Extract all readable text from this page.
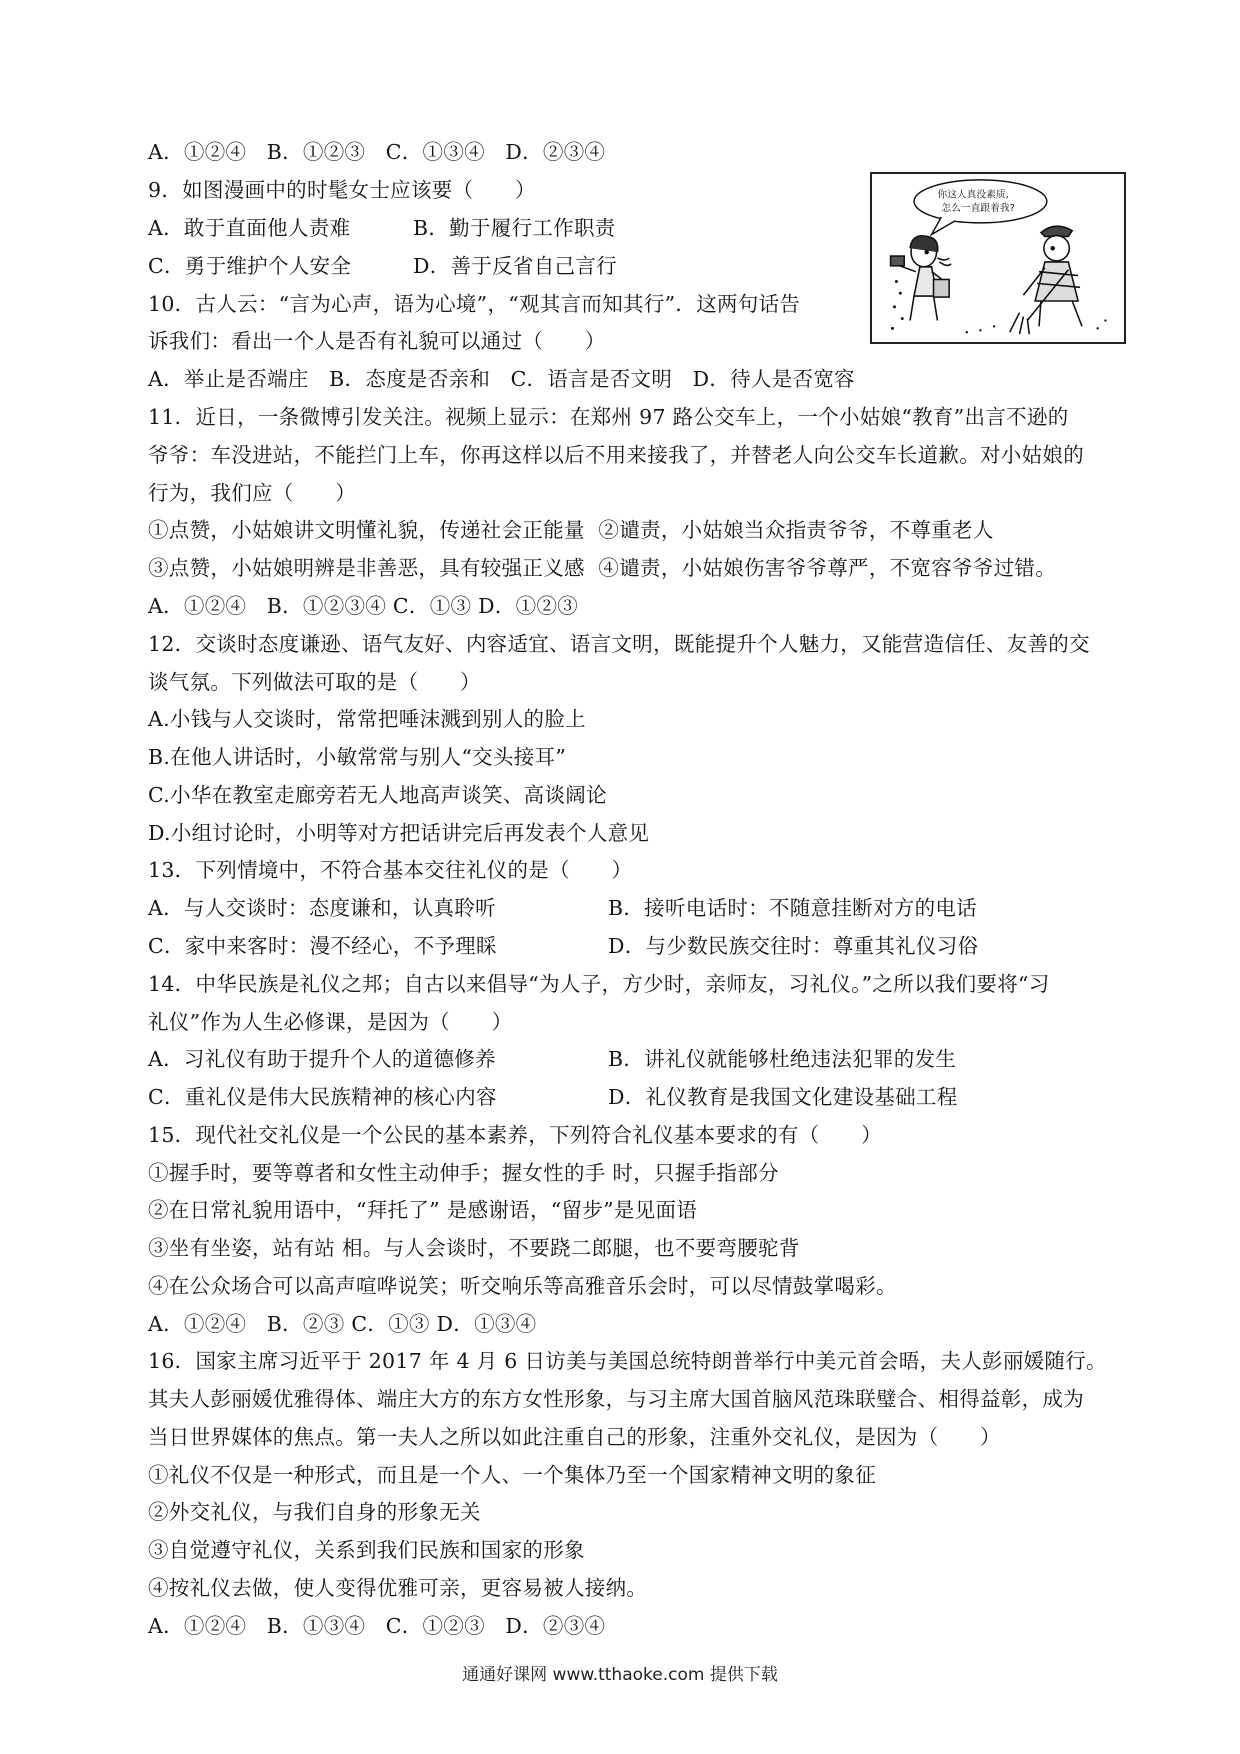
A．①②④   B．①②③   C．①③④   D．②③④
9．如图漫画中的时髦女士应该要（　　）
A．敢于直面他人责难	B．勤于履行工作职责
C．勇于维护个人安全	D．善于反省自己言行
你这人真没素质,
怎么一直跟着我?
10．古人云：“言为心声，语为心境”，“观其言而知其行”．这两句话告
诉我们：看出一个人是否有礼貌可以通过（　　）
A．举止是否端庄   B．态度是否亲和   C．语言是否文明   D．待人是否宽容
11．近日，一条微博引发关注。视频上显示：在郑州 97 路公交车上，一个小姑娘“教育”出言不逊的
爷爷：车没进站，不能拦门上车，你再这样以后不用来接我了，并替老人向公交车长道歉。对小姑娘的
行为，我们应（　　）
①点赞，小姑娘讲文明懂礼貌，传递社会正能量  ②谴责，小姑娘当众指责爷爷，不尊重老人
③点赞，小姑娘明辨是非善恶，具有较强正义感  ④谴责，小姑娘伤害爷爷尊严，不宽容爷爷过错。
A．①②④   B．①②③④ C．①③ D．①②③
12．交谈时态度谦逊、语气友好、内容适宜、语言文明，既能提升个人魅力，又能营造信任、友善的交
谈气氛。下列做法可取的是（　　）
A.小钱与人交谈时，常常把唾沫溅到别人的脸上
B.在他人讲话时，小敏常常与别人“交头接耳”
C.小华在教室走廊旁若无人地高声谈笑、高谈阔论
D.小组讨论时，小明等对方把话讲完后再发表个人意见
13．下列情境中，不符合基本交往礼仪的是（　　）
A．与人交谈时：态度谦和，认真聆听	B．接听电话时：不随意挂断对方的电话
C．家中来客时：漫不经心，不予理睬	D．与少数民族交往时：尊重其礼仪习俗
14．中华民族是礼仪之邦；自古以来倡导“为人子，方少时，亲师友，习礼仪。”之所以我们要将“习
礼仪”作为人生必修课，是因为（　　）
A．习礼仪有助于提升个人的道德修养	B．讲礼仪就能够杜绝违法犯罪的发生
C．重礼仪是伟大民族精神的核心内容	D．礼仪教育是我国文化建设基础工程
15．现代社交礼仪是一个公民的基本素养，下列符合礼仪基本要求的有（　　）
①握手时，要等尊者和女性主动伸手；握女性的手 时，只握手指部分
②在日常礼貌用语中，“拜托了” 是感谢语，“留步”是见面语
③坐有坐姿，站有站 相。与人会谈时，不要跷二郎腿，也不要弯腰驼背
④在公众场合可以高声喧哗说笑；听交响乐等高雅音乐会时，可以尽情鼓掌喝彩。
A．①②④   B．②③ C．①③ D．①③④
16．国家主席习近平于 2017 年 4 月 6 日访美与美国总统特朗普举行中美元首会晤，夫人彭丽媛随行。
其夫人彭丽媛优雅得体、端庄大方的东方女性形象，与习主席大国首脑风范珠联璧合、相得益彰，成为
当日世界媒体的焦点。第一夫人之所以如此注重自己的形象，注重外交礼仪，是因为（　　）
①礼仪不仅是一种形式，而且是一个人、一个集体乃至一个国家精神文明的象征
②外交礼仪，与我们自身的形象无关
③自觉遵守礼仪，关系到我们民族和国家的形象
④按礼仪去做，使人变得优雅可亲，更容易被人接纳。
A．①②④   B．①③④   C．①②③   D．②③④
通通好课网 www.tthaoke.com 提供下载
